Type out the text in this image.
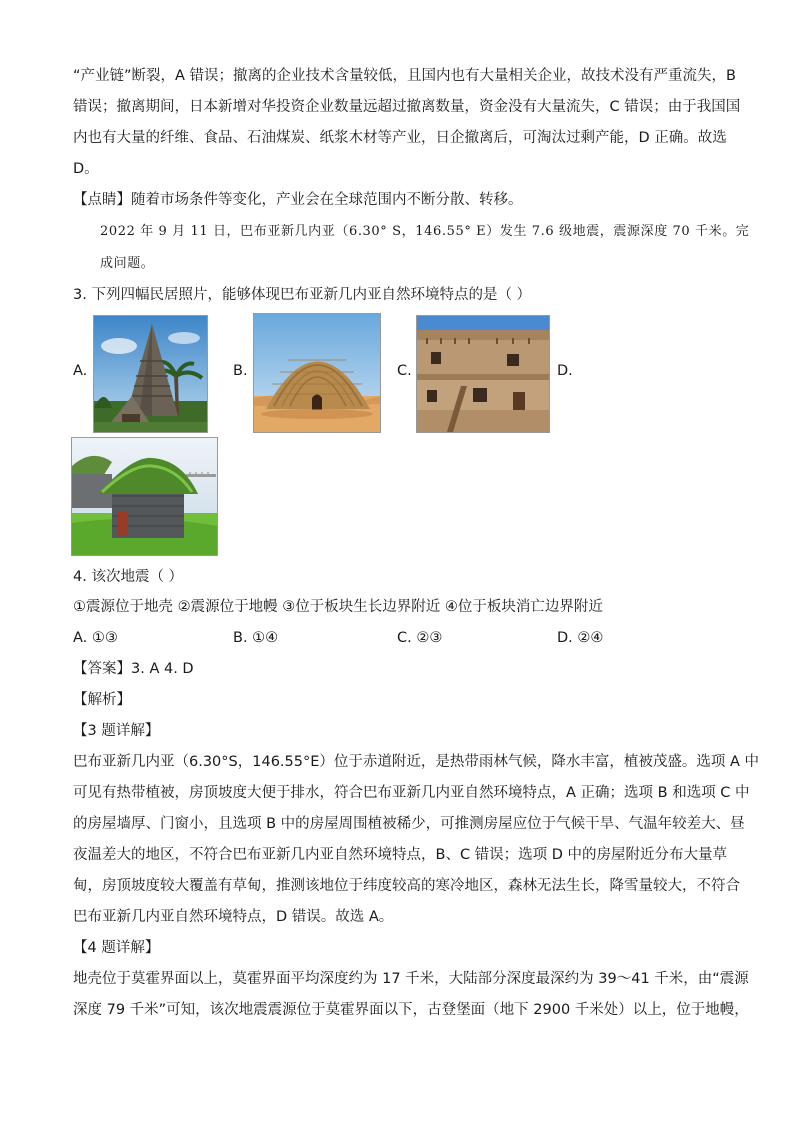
“产业链”断裂，A 错误；撤离的企业技术含量较低，且国内也有大量相关企业，故技术没有严重流失，B
错误；撤离期间，日本新增对华投资企业数量远超过撤离数量，资金没有大量流失，C 错误；由于我国国
内也有大量的纤维、食品、石油煤炭、纸浆木材等产业，日企撤离后，可淘汰过剩产能，D 正确。故选
D。
【点睛】随着市场条件等变化，产业会在全球范围内不断分散、转移。
2022 年 9 月 11 日，巴布亚新几内亚（6.30° S，146.55° E）发生 7.6 级地震，震源深度 70 千米。完
成问题。
3. 下列四幅民居照片，能够体现巴布亚新几内亚自然环境特点的是（ ）
A.	B.	C.	D.
4. 该次地震（ ）
①震源位于地壳 ②震源位于地幔 ③位于板块生长边界附近 ④位于板块消亡边界附近
A. ①③	B. ①④	C. ②③	D. ②④
【答案】3. A 4. D
【解析】
【3 题详解】
巴布亚新几内亚（6.30°S，146.55°E）位于赤道附近，是热带雨林气候，降水丰富，植被茂盛。选项 A 中
可见有热带植被，房顶坡度大便于排水，符合巴布亚新几内亚自然环境特点，A 正确；选项 B 和选项 C 中
的房屋墙厚、门窗小，且选项 B 中的房屋周围植被稀少，可推测房屋应位于气候干旱、气温年较差大、昼
夜温差大的地区，不符合巴布亚新几内亚自然环境特点，B、C 错误；选项 D 中的房屋附近分布大量草
甸，房顶坡度较大覆盖有草甸，推测该地位于纬度较高的寒冷地区，森林无法生长，降雪量较大，不符合
巴布亚新几内亚自然环境特点，D 错误。故选 A。
【4 题详解】
地壳位于莫霍界面以上，莫霍界面平均深度约为 17 千米，大陆部分深度最深约为 39～41 千米，由“震源
深度 79 千米”可知，该次地震震源位于莫霍界面以下，古登堡面（地下 2900 千米处）以上，位于地幔，
